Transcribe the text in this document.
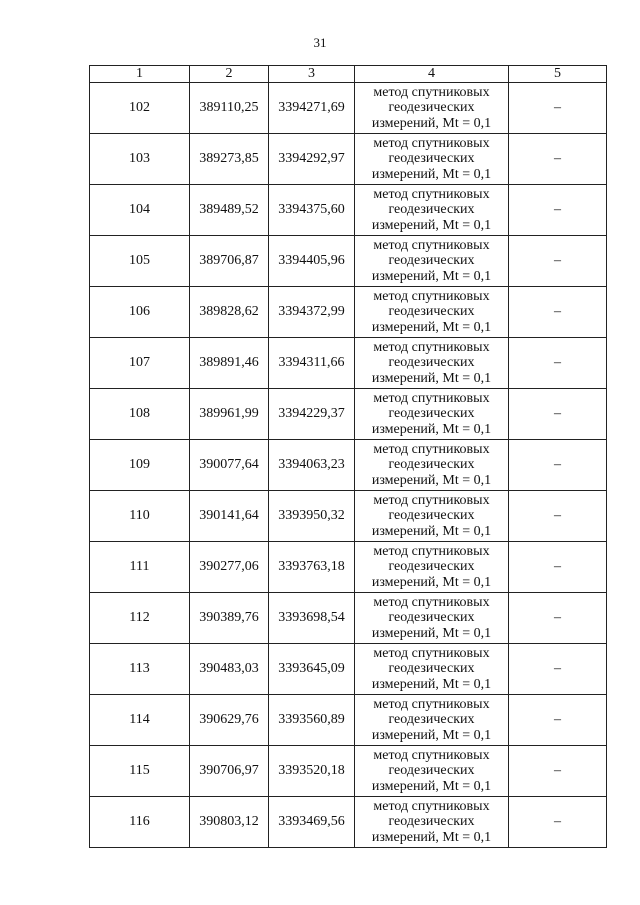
31
1	2	3	4	5
102	389110,25	3394271,69	метод спутниковых
геодезических
измерений, Mt = 0,1	–
103	389273,85	3394292,97	метод спутниковых
геодезических
измерений, Mt = 0,1	–
104	389489,52	3394375,60	метод спутниковых
геодезических
измерений, Mt = 0,1	–
105	389706,87	3394405,96	метод спутниковых
геодезических
измерений, Mt = 0,1	–
106	389828,62	3394372,99	метод спутниковых
геодезических
измерений, Mt = 0,1	–
107	389891,46	3394311,66	метод спутниковых
геодезических
измерений, Mt = 0,1	–
108	389961,99	3394229,37	метод спутниковых
геодезических
измерений, Mt = 0,1	–
109	390077,64	3394063,23	метод спутниковых
геодезических
измерений, Mt = 0,1	–
110	390141,64	3393950,32	метод спутниковых
геодезических
измерений, Mt = 0,1	–
111	390277,06	3393763,18	метод спутниковых
геодезических
измерений, Mt = 0,1	–
112	390389,76	3393698,54	метод спутниковых
геодезических
измерений, Mt = 0,1	–
113	390483,03	3393645,09	метод спутниковых
геодезических
измерений, Mt = 0,1	–
114	390629,76	3393560,89	метод спутниковых
геодезических
измерений, Mt = 0,1	–
115	390706,97	3393520,18	метод спутниковых
геодезических
измерений, Mt = 0,1	–
116	390803,12	3393469,56	метод спутниковых
геодезических
измерений, Mt = 0,1	–
